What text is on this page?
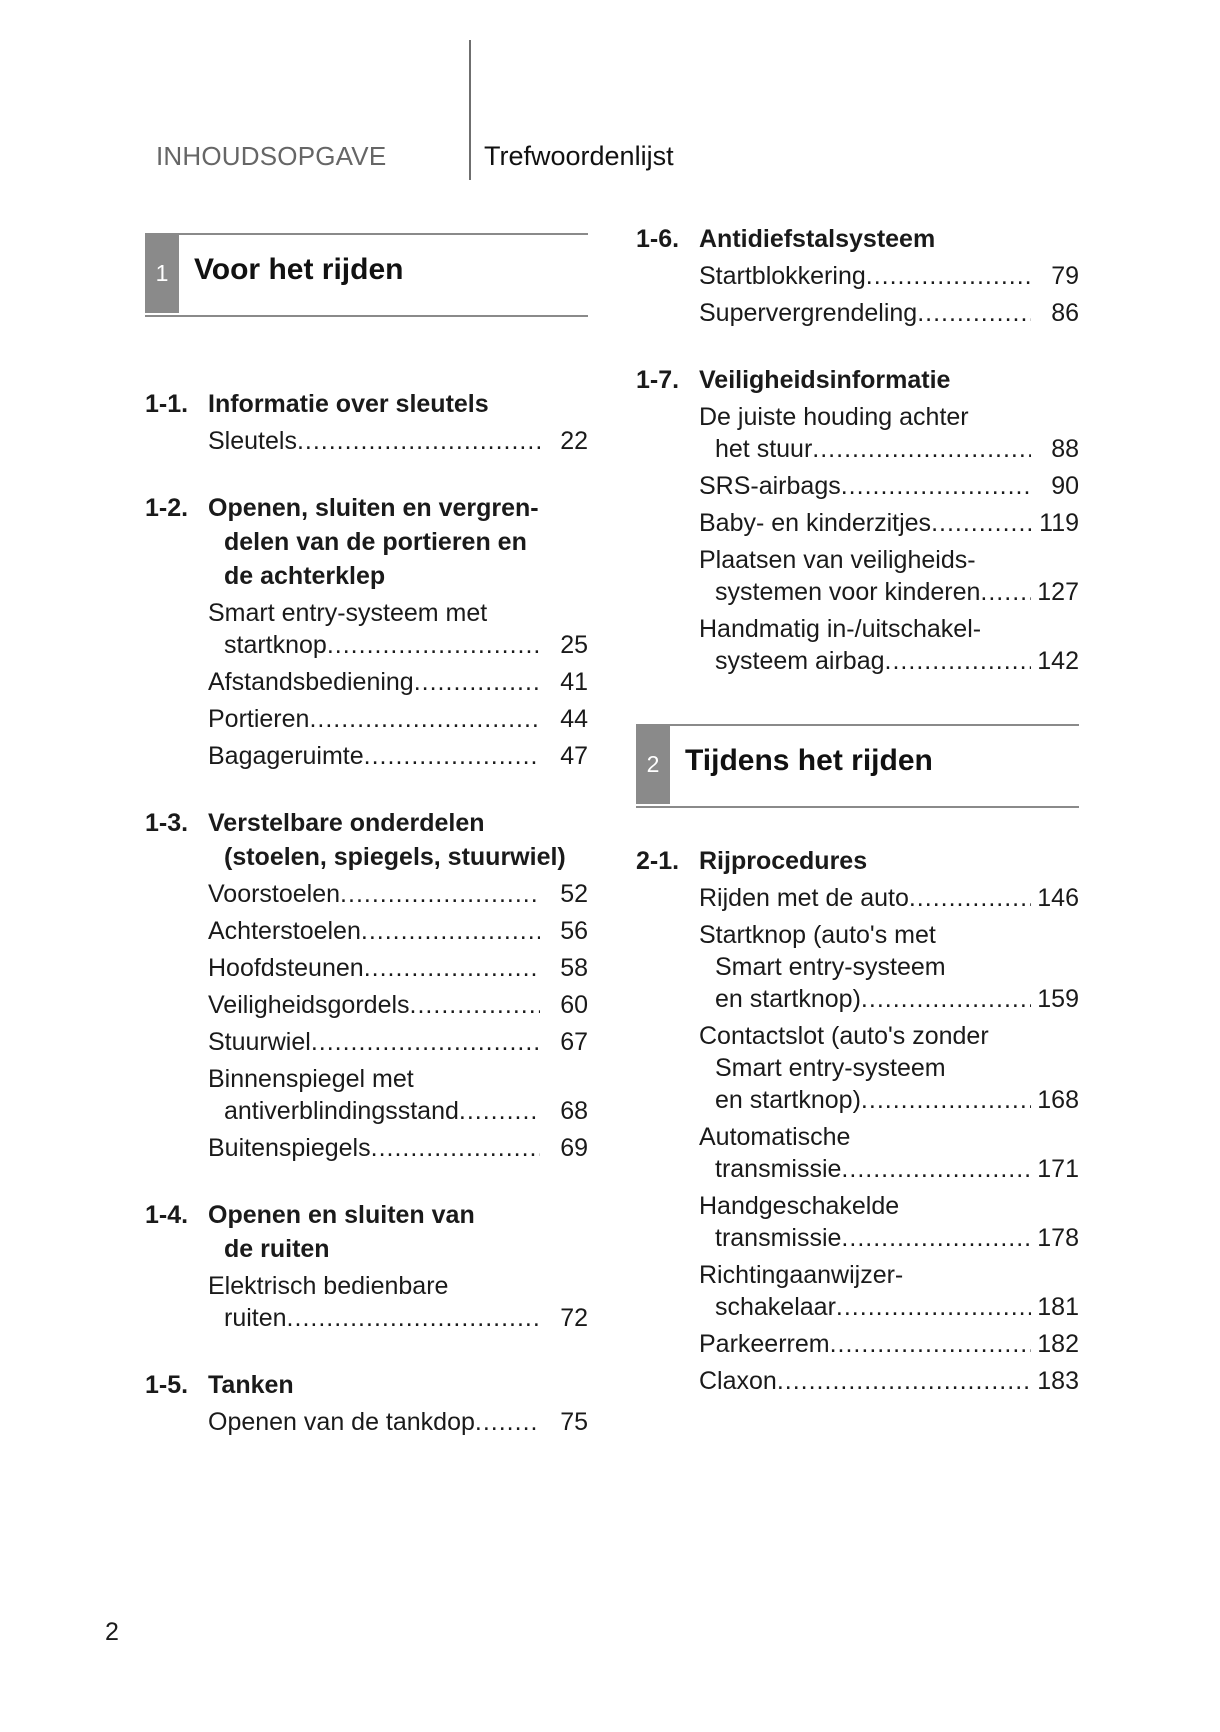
INHOUDSOPGAVE	Trefwoordenlijst
1 Voor het rijden
1-1. Informatie over sleutels
Sleutels .....	22
1-2. Openen, sluiten en vergren-
delen van de portieren en
de achterklep
Smart entry-systeem met
startknop .....	25
Afstandsbediening .....	41
Portieren .....	44
Bagageruimte .....	47
1-3. Verstelbare onderdelen
(stoelen, spiegels, stuurwiel)
Voorstoelen .....	52
Achterstoelen .....	56
Hoofdsteunen .....	58
Veiligheidsgordels .....	60
Stuurwiel .....	67
Binnenspiegel met
antiverblindingsstand .....	68
Buitenspiegels .....	69
1-4. Openen en sluiten van
de ruiten
Elektrisch bedienbare
ruiten .....	72
1-5. Tanken
Openen van de tankdop .....	75
1-6. Antidiefstalsysteem
Startblokkering .....	79
Supervergrendeling .....	86
1-7. Veiligheidsinformatie
De juiste houding achter
het stuur .....	88
SRS-airbags .....	90
Baby- en kinderzitjes .....	119
Plaatsen van veiligheids-
systemen voor kinderen ..... 127
Handmatig in-/uitschakel-
systeem airbag .....	142
2 Tijdens het rijden
2-1. Rijprocedures
Rijden met de auto .....	146
Startknop (auto's met
Smart entry-systeem
en startknop) .....	159
Contactslot (auto's zonder
Smart entry-systeem
en startknop) .....	168
Automatische
transmissie .....	171
Handgeschakelde
transmissie .....	178
Richtingaanwijzer-
schakelaar .....	181
Parkeerrem .....	182
Claxon .....	183
2
